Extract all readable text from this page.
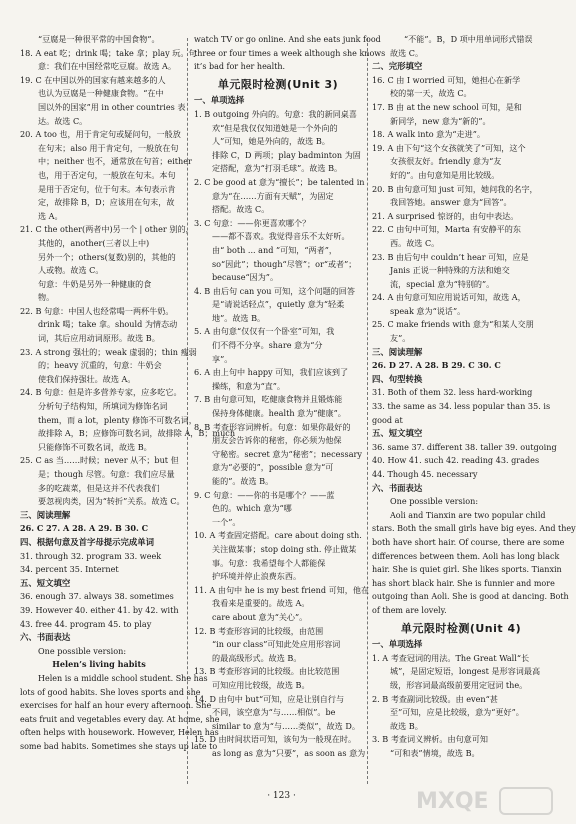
“豆腐是一种很平常的中国食物”。
18. A eat 吃；drink 喝；take 拿；play 玩。句
意：我们在中国经常吃豆腐。故选 A。
19. C 在中国以外的国家有越来越多的人
也认为豆腐是一种健康食物。“在中
国以外的国家”用 in other countries 表
达。故选 C。
20. A too 也，用于肯定句或疑问句，一般放
在句末；also 用于肯定句，一般放在句
中；neither 也不，通常放在句首；either
也，用于否定句，一般放在句末。本句
是用于否定句，位于句末。本句表示肯
定，故排除 B，D；应该用在句末，故
选 A。
21. C the other(两者中)另一个 | other 别的，
其他的，another(三者以上中)
另外一个；others(复数)别的，其他的
人或物。故选 C。
句意：牛奶是另外一种健康的食
物。
22. B 句意：中国人也经常喝一两杯牛奶。
drink 喝；take 拿。should 为情态动
词，其后应用动词原形。故选 B。
23. A strong 强壮的；weak 虚弱的；thin 瘦弱
的；heavy 沉重的，句意：牛奶会
使我们保持强壮。故选 A。
24. B 句意：但是许多营养专家，应多吃它。
分析句子结构知，所填词为修饰名词
them，而 a lot，plenty 修饰不可数名词，
故排除 A，B；应修饰可数名词，故排除 A，B；much
只能修饰不可数名词，故选 B。
25. C as 当……时候；never 从不；but 但
是；though 尽管。句意：我们应尽量
多的吃蔬菜，但是这并不代表我们
要忽视肉类，因为“转折”关系。故选 C。
三、阅读理解
26. C 27. A 28. A 29. B 30. C
四、根据句意及首字母提示完成单词
31. through 32. program 33. week
34. percent 35. Internet
五、短文填空
36. enough 37. always 38. sometimes
39. However 40. either 41. by 42. with
43. free 44. program 45. to play
六、书面表达
One possible version:
Helen’s living habits
Helen is a middle school student. She has
lots of good habits. She loves sports and she
exercises for half an hour every afternoon. She
eats fruit and vegetables every day. At home, she
often helps with housework. However, Helen has
some bad habits. Sometimes she stays up late to
watch TV or go online. And she eats junk food
three or four times a week although she knows
it’s bad for her health.
单元限时检测(Unit 3)
一、单项选择
1. B outgoing 外向的。句意：我的新同桌喜
欢“但是我仅仅知道她是一个外向的
人”可知，她是外向的，故选 B。
排除 C，D 两项；play badminton 为固
定搭配，意为“打羽毛球”。故选 B。
2. C be good at 意为“擅长”；be talented in
意为“在……方面有天赋”，为固定
搭配。故选 C。
3. C 句意：——你更喜欢哪个？
——都不喜欢。我觉得音乐不太好听。
由“ both ... and ”可知，“两者”，
so“因此”；though“尽管”；or“或者”；
because“因为”。
4. B 由后句 can you 可知，这个问题的回答
是“请说话轻点”，quietly 意为“轻柔
地”。故选 B。
5. A 由句意“仅仅有一个卧室”可知，我
们不得不分享。share 意为“分
享”。
6. A 由上句中 happy 可知，我们应该到了
操练，和意为“直”。
7. B 由句意可知，吃健康食物并且锻炼能
保持身体健康。health 意为“健康”。
8. B 考查形容词辨析。句意：如果你最好的
朋友会告诉你的秘密，你必须为他保
守秘密。secret 意为“秘密”；necessary
意为“必要的”，possible 意为“可
能的”。故选 B。
9. C 句意：——你的书是哪个？——蓝
色的。which 意为“哪
一个”。
10. A 考查固定搭配。care about doing sth.
关注做某事；stop doing sth. 停止做某
事。句意：我希望每个人都能保
护环境并停止浪费东西。
11. A 由句中 he is my best friend 可知，他在
我看来是重要的。故选 A。
care about 意为“关心”。
12. B 考查形容词的比较级，由范围
“in our class”可知此处应用形容词
的最高级形式。故选 B。
13. B 考查形容词的比较级。由比较范围
可知应用比较级，故选 B。
14. D 由句中 but“可知，应是让别自行与
不同，该空意为“与……相似”。be
similar to 意为“与……类似”，故选 D。
15. D 由时间状语可知，该句为一般现在时。
as long as 意为“只要”，as soon as 意为
“不能”。B，D 项中用单词形式错误
故选 C。
二、完形填空
16. C 由 I worried 可知，她担心在新学
校的第一天，故选 C。
17. B 由 at the new school 可知，是和
新同学，new 意为“新的”。
18. A walk into 意为“走进”。
19. A 由下句“这个女孩就笑了”可知，这个
女孩很友好。friendly 意为“友
好的”。由句意知是用比较级。
20. B 由句意可知 just 可知，她问我的名字，
我回答她。answer 意为“回答”。
21. A surprised 惊讶的，由句中表达。
22. C 由句中可知，Marta 有安静平的东
西。故选 C。
23. B 由后句中 couldn’t hear 可知，应是
Janis 正说一种特殊的方法和她交
流，special 意为“特别的”。
24. A 由句意可知应用说话可知，故选 A，
speak 意为“说话”。
25. C make friends with 意为“和某人交朋
友”。
三、阅读理解
26. D 27. A 28. B 29. C 30. C
四、句型转换
31. Both of them 32. less hard-working
33. the same as 34. less popular than 35. is
good at
五、短文填空
36. same 37. different 38. taller 39. outgoing
40. How 41. such 42. reading 43. grades
44. Though 45. necessary
六、书面表达
One possible version:
Aoli and Tianxin are two popular child
stars. Both the small girls have big eyes. And they
both have short hair. Of course, there are some
differences between them. Aoli has long black
hair. She is quiet girl. She likes sports. Tianxin
has short black hair. She is funnier and more
outgoing than Aoli. She is good at dancing. Both
of them are lovely.
单元限时检测(Unit 4)
一、单项选择
1. A 考查冠词的用法。The Great Wall“长
城”，是固定短语，longest 是形容词最高
级，形容词最高级前要用定冠词 the。
2. B 考查副词比较级。由 even“甚
至”可知，应是比较级，意为“更好”。
故选 B。
3. B 考查词义辨析。由句意可知
“可和表”情境，故选 B。
· 123 ·	MXQE
